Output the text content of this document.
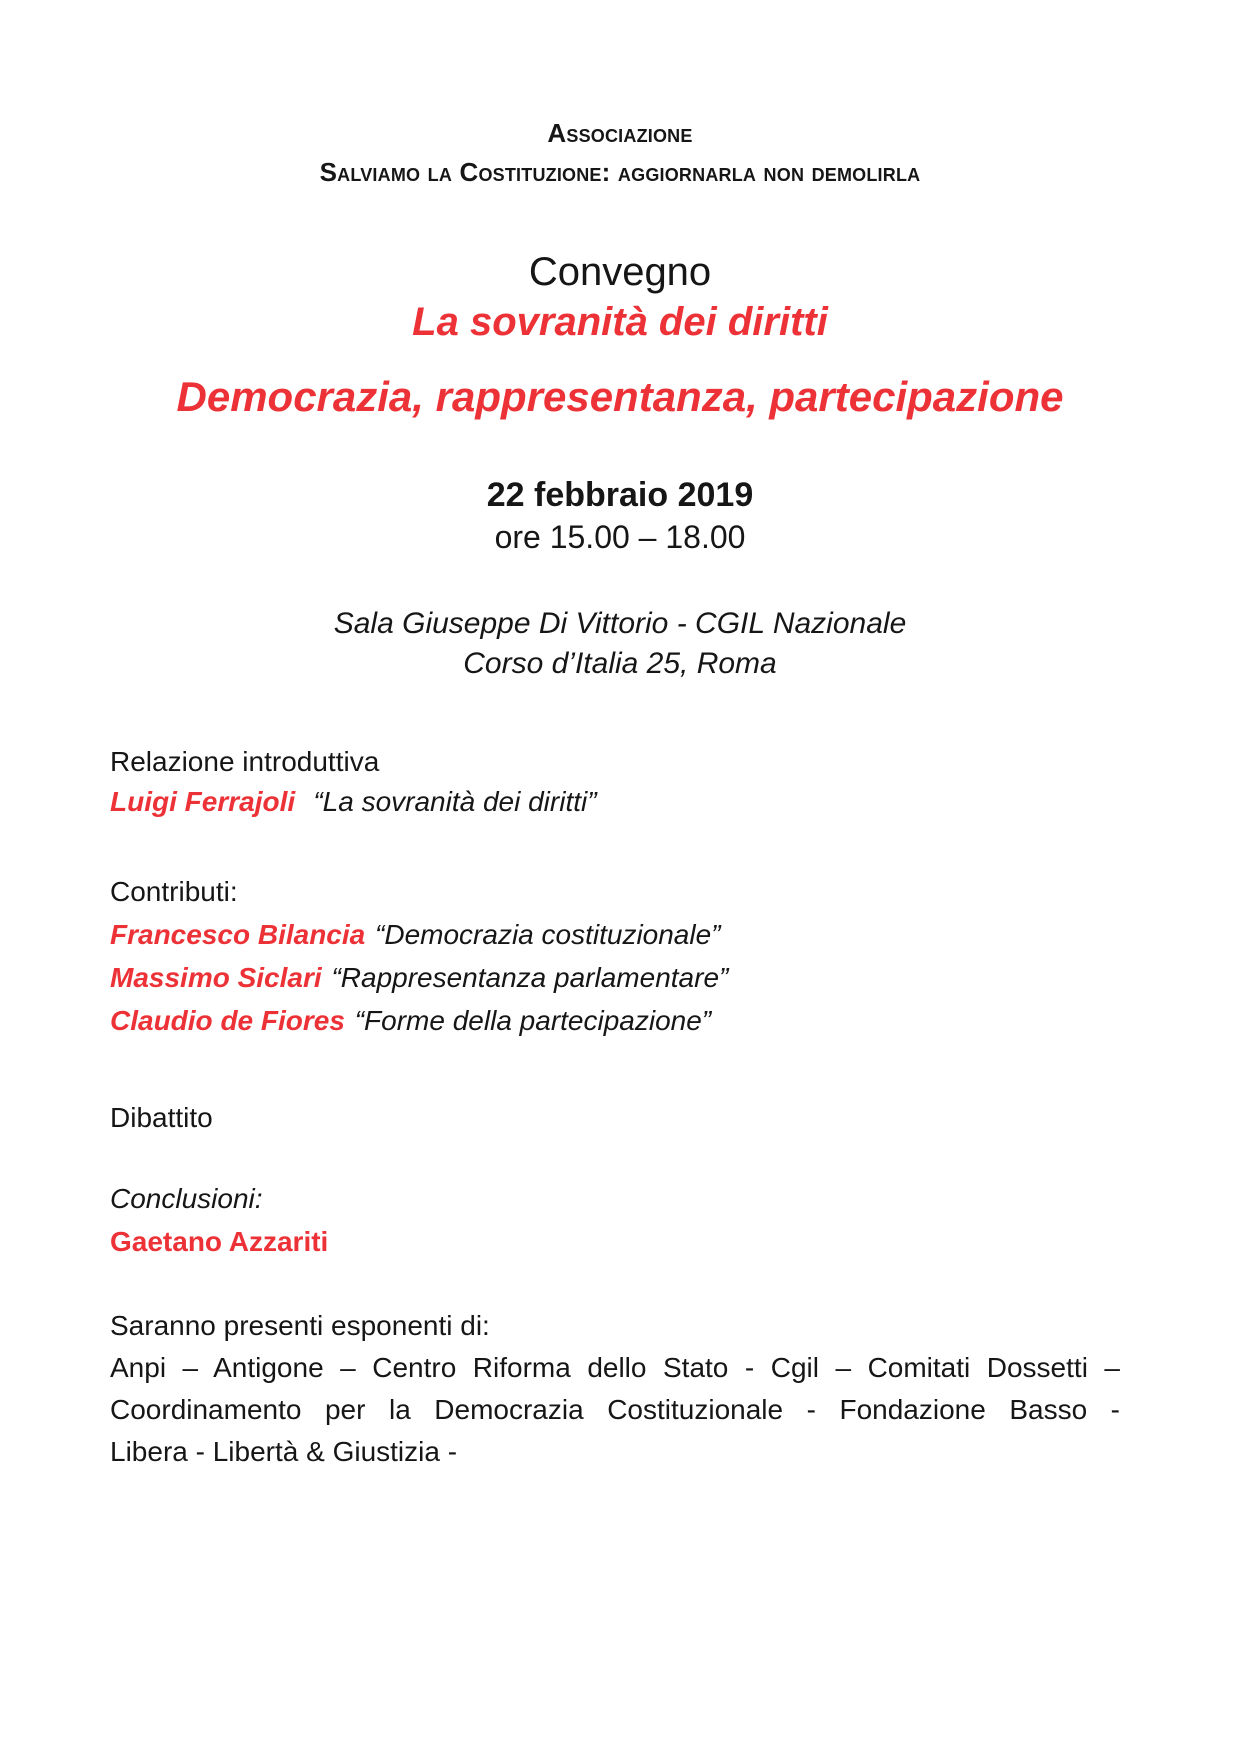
Associazione
Salviamo la Costituzione: aggiornarla non demolirla
Convegno
La sovranità dei diritti
Democrazia, rappresentanza, partecipazione
22 febbraio 2019
ore 15.00 – 18.00
Sala Giuseppe Di Vittorio - CGIL Nazionale
Corso d’Italia 25, Roma
Relazione introduttiva
Luigi Ferrajoli “La sovranità dei diritti”
Contributi:
Francesco Bilancia “Democrazia costituzionale”
Massimo Siclari “Rappresentanza parlamentare”
Claudio de Fiores “Forme della partecipazione”
Dibattito
Conclusioni:
Gaetano Azzariti
Saranno presenti esponenti di:
Anpi – Antigone – Centro Riforma dello Stato - Cgil – Comitati Dossetti –
Coordinamento per la Democrazia Costituzionale - Fondazione Basso -
Libera - Libertà & Giustizia -
